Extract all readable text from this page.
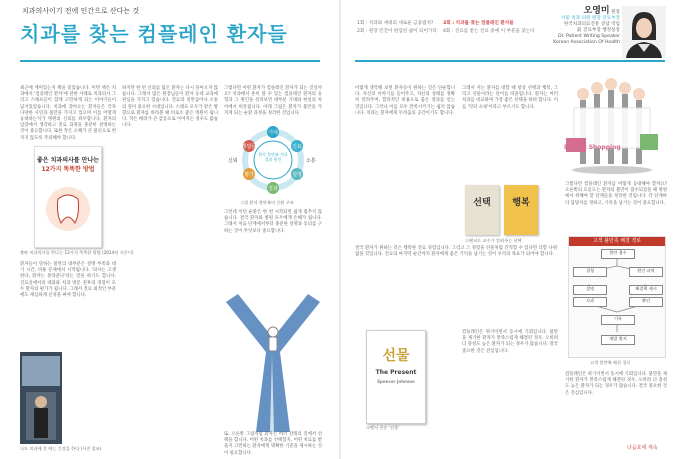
치과의사이기 전에 인간으로 산다는 것
치과를 찾는 컴플레인 환자들	1회 : 치과와 세대의 새로운 금융법칙?
2회 : 원장 민간이 편입된 삶이 되어가라
3회 : 치과를 찾는 컴플레인 환자들
4회 : 진료를 받는 진료 중에 이 부분을 찾는다
오영미 원장
서울 치과 의원 원장 진료부장
한국치과의료진흥 상담 역임
前 진료부장 행정실장
Dr. Patient Writing Speaker
Korean Association Of Health
최근에 재미있는지 책을 읽었습니다. 이번 책은 치과에서 '컴플레인 환자'에 관한 사례로 치과의사 그리고 스태프들이 함께 고민하게 되는 이야기들이 담겨있었습니다. 치과에 찾아오는 환자들은 각자 다양한 사연과 불만을 가지고 있으며 이를 어떻게 응대하는지가 병원의 신뢰를 좌우합니다. 환자의 입장에서 생각하고 진료 과정을 충분히 설명하는 것이 중요합니다. 또한 작은 오해가 큰 불신으로 번지지 않도록 주의해야 합니다.
좋은 치과의사를 만나는
12가지 똑똑한 방법
출판 치과의사를 만나는 12가지 똑똑한 방법 (2014년 지은이)
환자들이 말하는 불만의 대부분은 설명 부족과 대기 시간, 비용 문제에서 시작됩니다. '의사는 고생한다, 환자는 몰라준다'라는 말을 하기도 합니다. 진료실에서의 대화와 치과 방문 전후의 경험이 모두 환자의 평가가 됩니다. 그래서 진료 외적인 부분에도 세심하게 신경을 써야 합니다.
나도 치과에 갈 때는 긴장을 한다 (사진 참조)

하지만 한 번 신뢰를 잃은 환자는 다시 돌아오지 않습니다. 그래서 많은 원장님들이 환자 응대 교육에 관심을 가지고 있습니다. 진료의 질만큼이나 소통의 질이 중요한 시대입니다. 스태프 모두가 같은 방향으로 환자를 바라볼 때 비로소 좋은 병원이 됩니다. 작은 배려가 큰 감동으로 이어지는 경우도 많습니다.

그렇다면 어떤 환자가 컴플레인 환자가 되는 것일까요? 치과에서 흔히 볼 수 있는 컴플레인 환자의 유형과 그 원인을 살펴보면 대부분 기대와 현실의 차이에서 비롯됩니다. 아래 그림은 환자가 불만을 가지게 되는 순환 과정을 정리한 것입니다.
환자 불만족 진료 결과 원인
기대
진료
설명
결과
평가
재방문
신뢰	소통
그림 환자 불만족의 순환 구조
그런데 이런 순환은 한 번 시작되면 쉽게 멈추지 않습니다. 결국 환자와 병원 모두에게 손해가 됩니다. 그래서 처음 단계에서부터 충분한 설명과 동의를 구하는 것이 무엇보다 중요합니다.
또, 오른쪽 그림처럼 환자는 여러 갈래의 길에서 선택을 합니다. 어떤 치과를 선택할지, 어떤 치료를 받을지 고민하는 환자에게 명확한 기준을 제시하는 것이 필요합니다.
이렇게 생각해 보면 환자들이 원하는 것은 단순합니다. 자신의 이야기를 들어주고, 자신의 상태를 정확히 알려주며, 합리적인 비용으로 좋은 결과를 얻는 것입니다. 그러나 이를 모두 만족시키기는 쉽지 않습니다. 치과는 환자에게 두려움의 공간이기도 합니다.
Doctor Shopping
그래서 저는 환자를 대할 때 항상 선택과 행복, 그리고 선물이라는 단어를 떠올립니다. 환자는 여러 치과를 비교하며 가장 좋은 선택을 하려 합니다. 이를 '닥터 쇼핑'이라고 부르기도 합니다.
선택	행복
스탠퍼드 교수가 알려주는 선택
결국 환자가 원하는 것은 행복한 진료 경험입니다. 그리고 그 경험을 선물처럼 간직할 수 있다면 더할 나위 없을 것입니다. 진료의 마지막 순간까지 환자에게 좋은 기억을 남기는 것이 우리의 목표가 되어야 합니다.
선물
The Present
Spencer Johnson
스펜서 존슨 '선물'
컴플레인은 위기이면서 동시에 기회입니다. 불만을 제기한 환자가 만족스럽게 해결된 경우, 오히려 더 충성도 높은 환자가 되는 경우가 많습니다. 결국 중요한 것은 진심입니다.
그렇다면 컴플레인 환자를 어떻게 응대해야 할까요? 오른쪽의 흐름도는 환자의 불만이 접수되었을 때 병원에서 취해야 할 단계들을 정리한 것입니다. 각 단계마다 담당자를 정하고, 기록을 남기는 것이 중요합니다.
고객 불만족 해결 경로
불만 접수
경청	원인 파악
설명	해결책 제시
사과	확인
기록
재발 방지
고객 불만족 해결 경로
컴플레인은 위기이면서 동시에 기회입니다. 불만을 제기한 환자가 만족스럽게 해결된 경우, 오히려 더 충성도 높은 환자가 되는 경우가 많습니다. 결국 중요한 것은 진심입니다.
다음호에 계속
